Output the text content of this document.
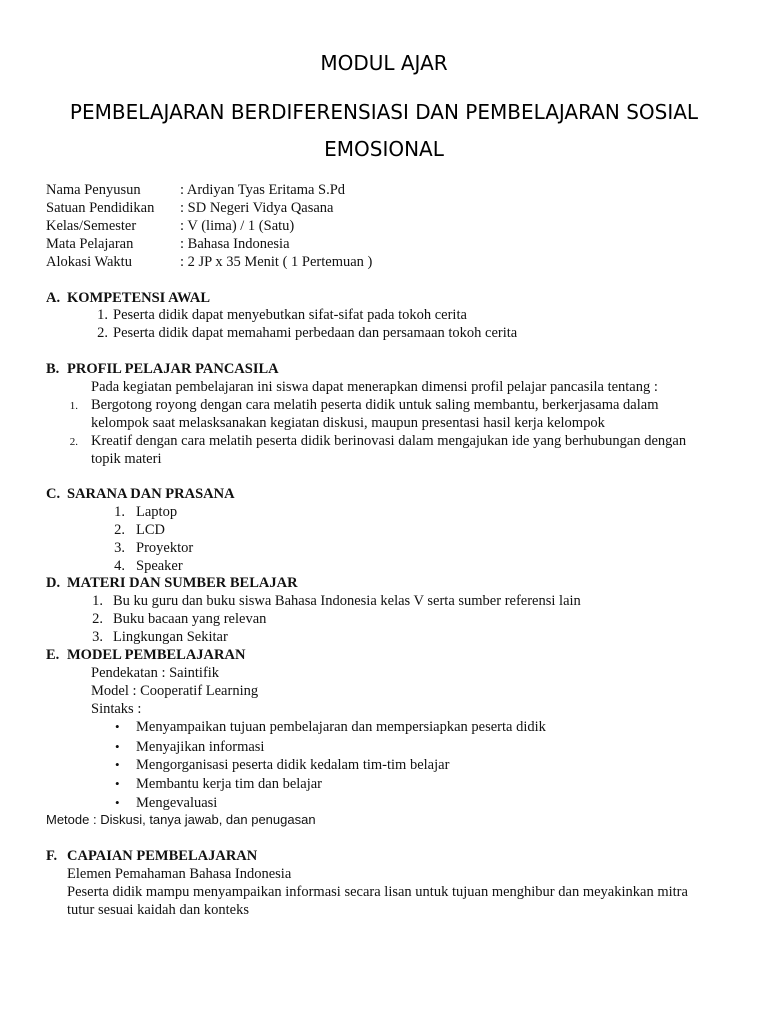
MODUL AJAR
PEMBELAJARAN BERDIFERENSIASI DAN PEMBELAJARAN SOSIAL
EMOSIONAL
Nama Penyusun	: Ardiyan Tyas Eritama S.Pd
Satuan Pendidikan : SD Negeri Vidya Qasana
Kelas/Semester	: V (lima) / 1 (Satu)
Mata Pelajaran	: Bahasa Indonesia
Alokasi Waktu	: 2 JP x 35 Menit ( 1 Pertemuan )
A. KOMPETENSI AWAL
1. Peserta didik dapat menyebutkan sifat-sifat pada tokoh cerita
2. Peserta didik dapat memahami perbedaan dan persamaan tokoh cerita
B. PROFIL PELAJAR PANCASILA
Pada kegiatan pembelajaran ini siswa dapat menerapkan dimensi profil pelajar pancasila tentang :
1. Bergotong royong dengan cara melatih peserta didik untuk saling membantu, berkerjasama dalam
kelompok saat melasksanakan kegiatan diskusi, maupun presentasi hasil kerja kelompok
2. Kreatif dengan cara melatih peserta didik berinovasi dalam mengajukan ide yang berhubungan dengan
topik materi
C. SARANA DAN PRASANA
1. Laptop
2. LCD
3. Proyektor
4. Speaker
D. MATERI DAN SUMBER BELAJAR
1. Bu ku guru dan buku siswa Bahasa Indonesia kelas V serta sumber referensi lain
2. Buku bacaan yang relevan
3. Lingkungan Sekitar
E. MODEL PEMBELAJARAN
Pendekatan : Saintifik
Model : Cooperatif Learning
Sintaks :
• Menyampaikan tujuan pembelajaran dan mempersiapkan peserta didik
• Menyajikan informasi
• Mengorganisasi peserta didik kedalam tim-tim belajar
• Membantu kerja tim dan belajar
• Mengevaluasi
Metode : Diskusi, tanya jawab, dan penugasan
F. CAPAIAN PEMBELAJARAN
Elemen Pemahaman Bahasa Indonesia
Peserta didik mampu menyampaikan informasi secara lisan untuk tujuan menghibur dan meyakinkan mitra
tutur sesuai kaidah dan konteks
